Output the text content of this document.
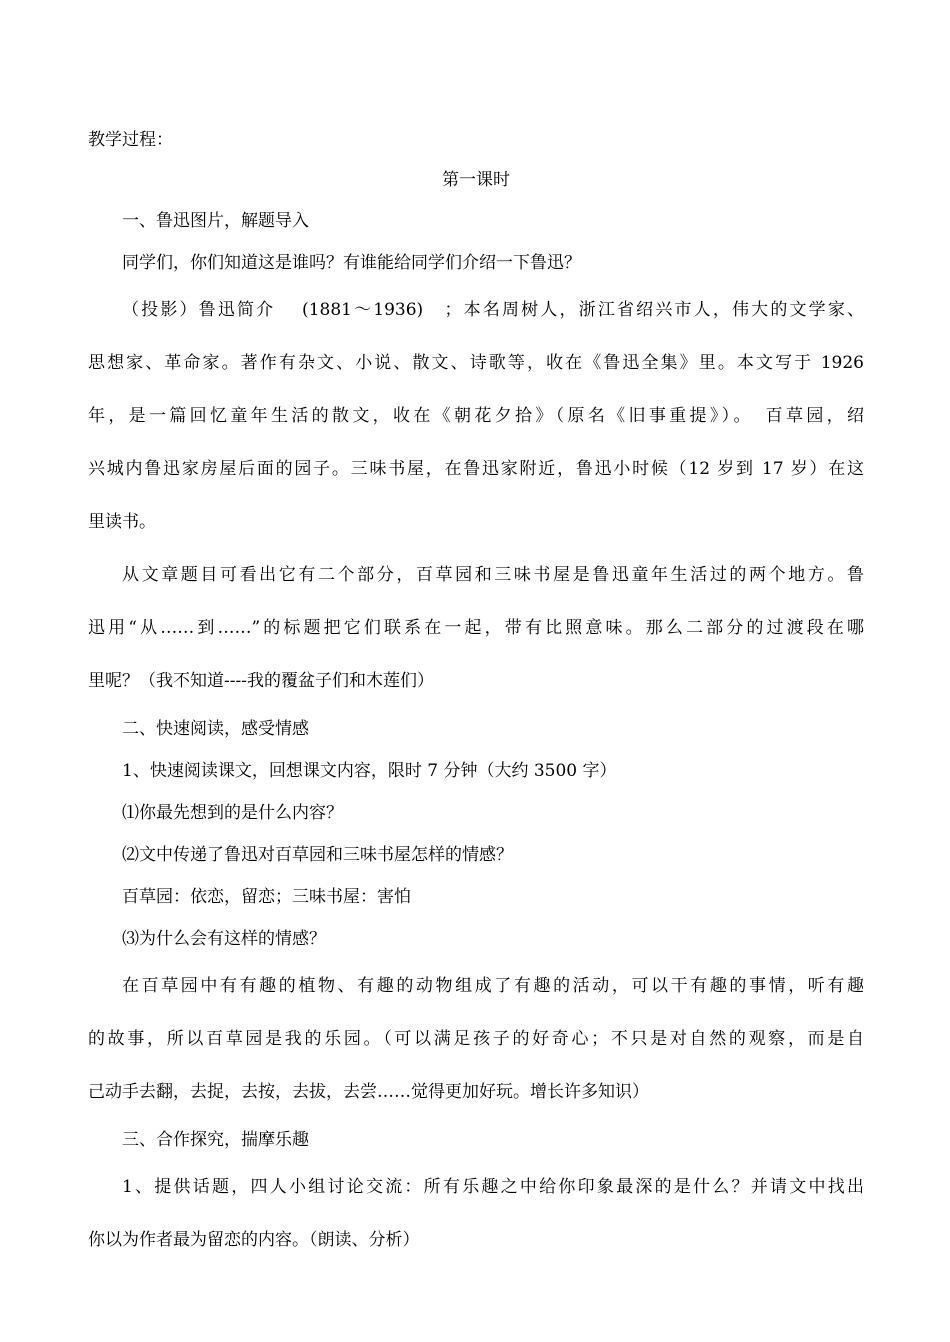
教学过程：

第一课时

一、鲁迅图片，解题导入

同学们，你们知道这是谁吗？有谁能给同学们介绍一下鲁迅？

（投影）鲁迅简介　 (1881～1936)　；本名周树人，浙江省绍兴市人，伟大的文学家、
思想家、革命家。著作有杂文、小说、散文、诗歌等，收在《鲁迅全集》里。本文写于 1926
年，是一篇回忆童年生活的散文，收在《朝花夕拾》（原名《旧事重提》）。　百草园，绍
兴城内鲁迅家房屋后面的园子。三味书屋，在鲁迅家附近，鲁迅小时候（12 岁到 17 岁）在这
里读书。
从文章题目可看出它有二个部分，百草园和三味书屋是鲁迅童年生活过的两个地方。鲁
迅用“从……到……”的标题把它们联系在一起，带有比照意味。那么二部分的过渡段在哪
里呢？（我不知道----我的覆盆子们和木莲们）

二、快速阅读，感受情感

1、快速阅读课文，回想课文内容，限时 7 分钟（大约 3500 字）

⑴你最先想到的是什么内容？

⑵文中传递了鲁迅对百草园和三味书屋怎样的情感？

百草园：依恋，留恋；三味书屋：害怕

⑶为什么会有这样的情感？

在百草园中有有趣的植物、有趣的动物组成了有趣的活动，可以干有趣的事情，听有趣
的故事，所以百草园是我的乐园。（可以满足孩子的好奇心；不只是对自然的观察，而是自
己动手去翻，去捉，去按，去拔，去尝……觉得更加好玩。增长许多知识）

三、合作探究，揣摩乐趣

1、提供话题，四人小组讨论交流：所有乐趣之中给你印象最深的是什么？并请文中找出
你以为作者最为留恋的内容。（朗读、分析）
